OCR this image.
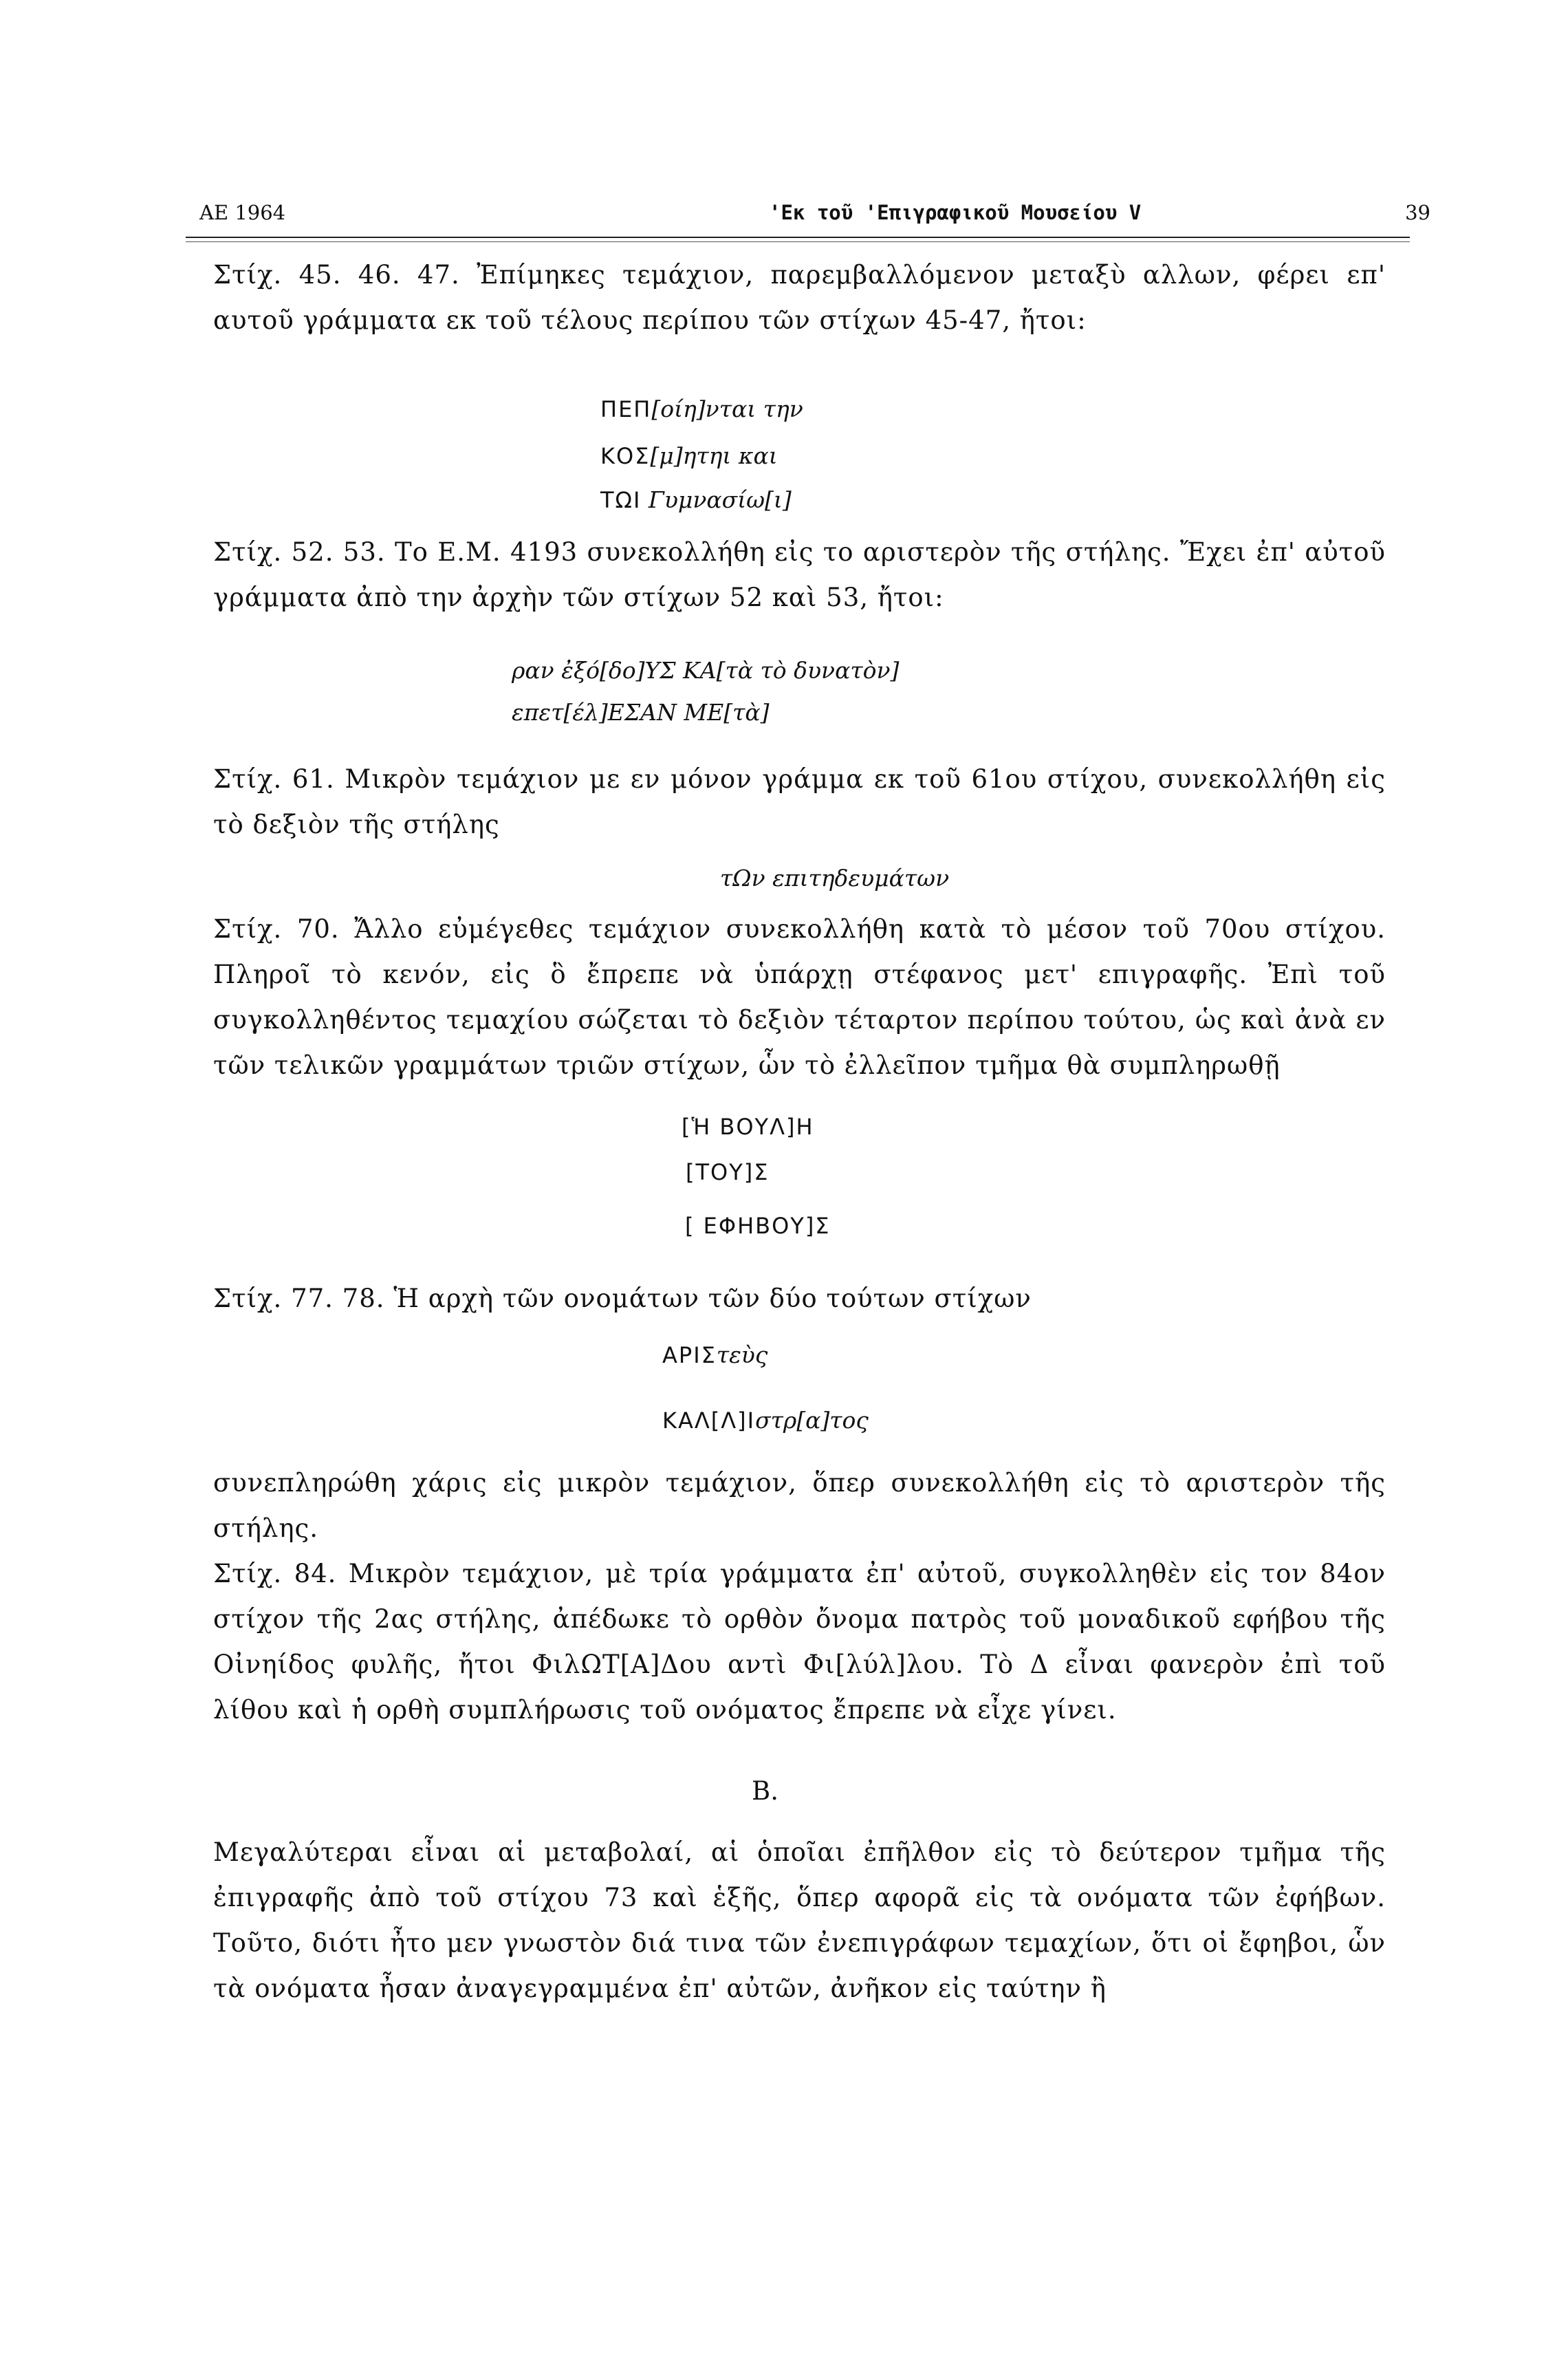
AE 1964	'Εκ τοῦ 'Επιγραφικοῦ Μουσείου V	39

Στίχ. 45. 46. 47. Ἐπίμηκες τεμάχιον, παρεμβαλλόμενον μεταξὺ αλλων, φέρει επ' αυτοῦ γράμματα εκ τοῦ τέλους περίπου τῶν στίχων 45-47, ἤτοι:

ΠΕΠ[οίη]νται την
ΚΟΣ[μ]ητηι και
ΤΩΙ Γυμνασίω[ι]

Στίχ. 52. 53. Το Ε.Μ. 4193 συνεκολλήθη εἰς το αριστερὸν τῆς στήλης. Ἔχει ἐπ' αὐτοῦ γράμματα ἀπὸ την ἀρχὴν τῶν στίχων 52 καὶ 53, ἤτοι:

ραν ἐξό[δο]ΥΣ ΚΑ[τὰ τὸ δυνατὸν]
επετ[έλ]ΕΣΑΝ ΜΕ[τὰ]

Στίχ. 61. Μικρὸν τεμάχιον με εν μόνον γράμμα εκ τοῦ 61ου στίχου, συνεκολλήθη εἰς τὸ δεξιὸν τῆς στήλης

τΩν επιτηδευμάτων

Στίχ. 70. Ἄλλο εὐμέγεθες τεμάχιον συνεκολλήθη κατὰ τὸ μέσον τοῦ 70ου στίχου. Πληροῖ τὸ κενόν, εἰς ὃ ἔπρεπε νὰ ὑπάρχῃ στέφανος μετ' επιγραφῆς. Ἐπὶ τοῦ συγκολληθέντος τεμαχίου σώζεται τὸ δεξιὸν τέταρτον περίπου τούτου, ὡς καὶ ἀνὰ εν τῶν τελικῶν γραμμάτων τριῶν στίχων, ὧν τὸ ἐλλεῖπον τμῆμα θὰ συμπληρωθῇ

[Ἡ ΒΟΥΛ]Η
[ΤΟΥ]Σ
[ ΕΦΗΒΟΥ]Σ

Στίχ. 77. 78. Ἡ αρχὴ τῶν ονομάτων τῶν δύο τούτων στίχων

ΑΡΙΣτεὺς
ΚΑΛ[Λ]Ιστρ[α]τος

συνεπληρώθη χάρις εἰς μικρὸν τεμάχιον, ὅπερ συνεκολλήθη εἰς τὸ αριστερὸν τῆς στήλης.

Στίχ. 84. Μικρὸν τεμάχιον, μὲ τρία γράμματα ἐπ' αὐτοῦ, συγκολληθὲν εἰς τον 84ον στίχον τῆς 2ας στήλης, ἀπέδωκε τὸ ορθὸν ὄνομα πατρὸς τοῦ μοναδικοῦ εφήβου τῆς Οἰνηίδος φυλῆς, ἤτοι ΦιλΩΤ[Α]Δου αντὶ Φι[λύλ]λου. Τὸ Δ εἶναι φανερὸν ἐπὶ τοῦ λίθου καὶ ἡ ορθὴ συμπλήρωσις τοῦ ονόματος ἔπρεπε νὰ εἶχε γίνει.

B.

Μεγαλύτεραι εἶναι αἱ μεταβολαί, αἱ ὁποῖαι ἐπῆλθον εἰς τὸ δεύτερον τμῆμα τῆς ἐπιγραφῆς ἀπὸ τοῦ στίχου 73 καὶ ἑξῆς, ὅπερ αφορᾶ εἰς τὰ ονόματα τῶν ἐφήβων. Τοῦτο, διότι ἦτο μεν γνωστὸν διά τινα τῶν ἐνεπιγράφων τεμαχίων, ὅτι οἱ ἔφηβοι, ὧν τὰ ονόματα ἦσαν ἀναγεγραμμένα ἐπ' αὐτῶν, ἀνῆκον εἰς ταύτην ἢ
